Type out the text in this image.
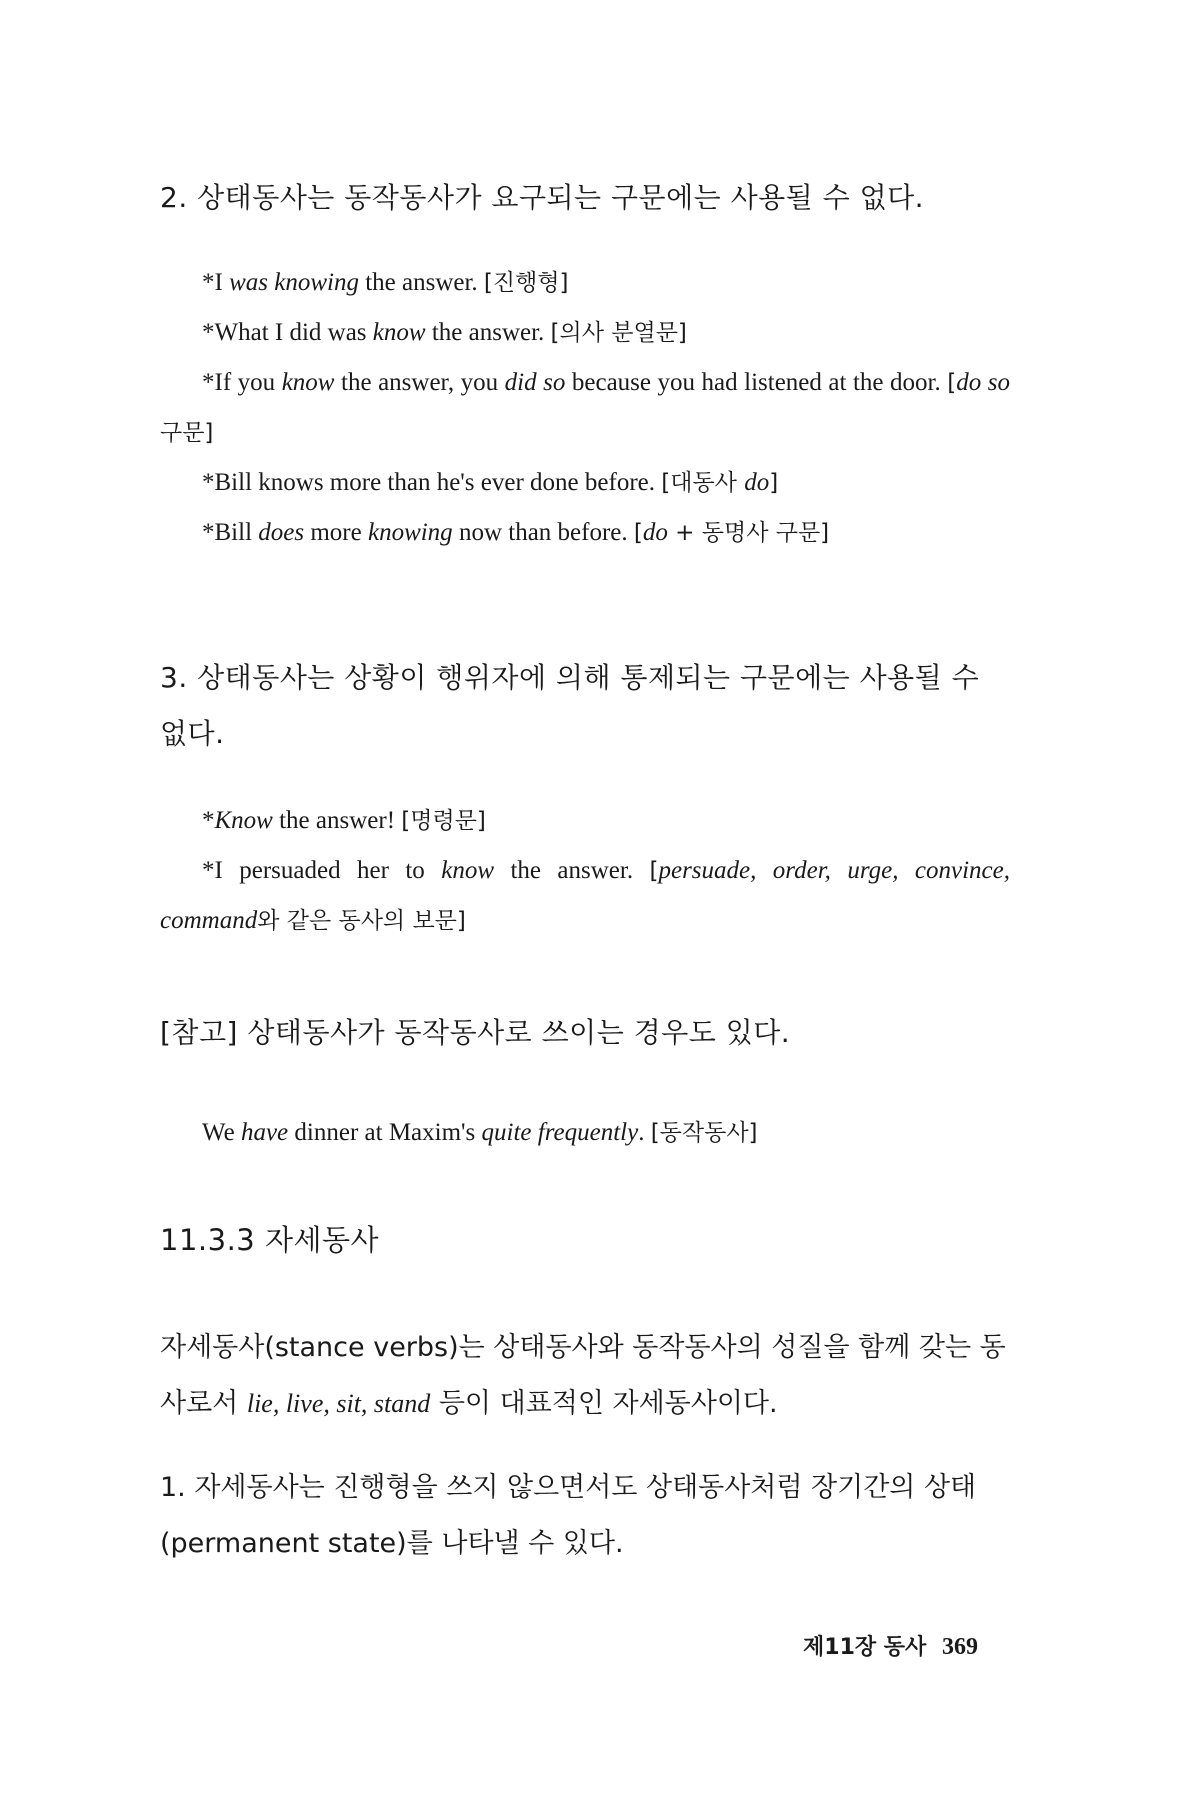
2. 상태동사는 동작동사가 요구되는 구문에는 사용될 수 없다.
*I was knowing the answer. [진행형]
*What I did was know the answer. [의사 분열문]
*If you know the answer, you did so because you had listened at the door. [do so 구문]
*Bill knows more than he's ever done before. [대동사 do]
*Bill does more knowing now than before. [do + 동명사 구문]
3. 상태동사는 상황이 행위자에 의해 통제되는 구문에는 사용될 수 없다.
*Know the answer! [명령문]
*I persuaded her to know the answer. [persuade, order, urge, convince, command와 같은 동사의 보문]
[참고] 상태동사가 동작동사로 쓰이는 경우도 있다.
We have dinner at Maxim's quite frequently. [동작동사]
11.3.3 자세동사
자세동사(stance verbs)는 상태동사와 동작동사의 성질을 함께 갖는 동사로서 lie, live, sit, stand 등이 대표적인 자세동사이다.
1. 자세동사는 진행형을 쓰지 않으면서도 상태동사처럼 장기간의 상태(permanent state)를 나타낼 수 있다.
제11장 동사 369
